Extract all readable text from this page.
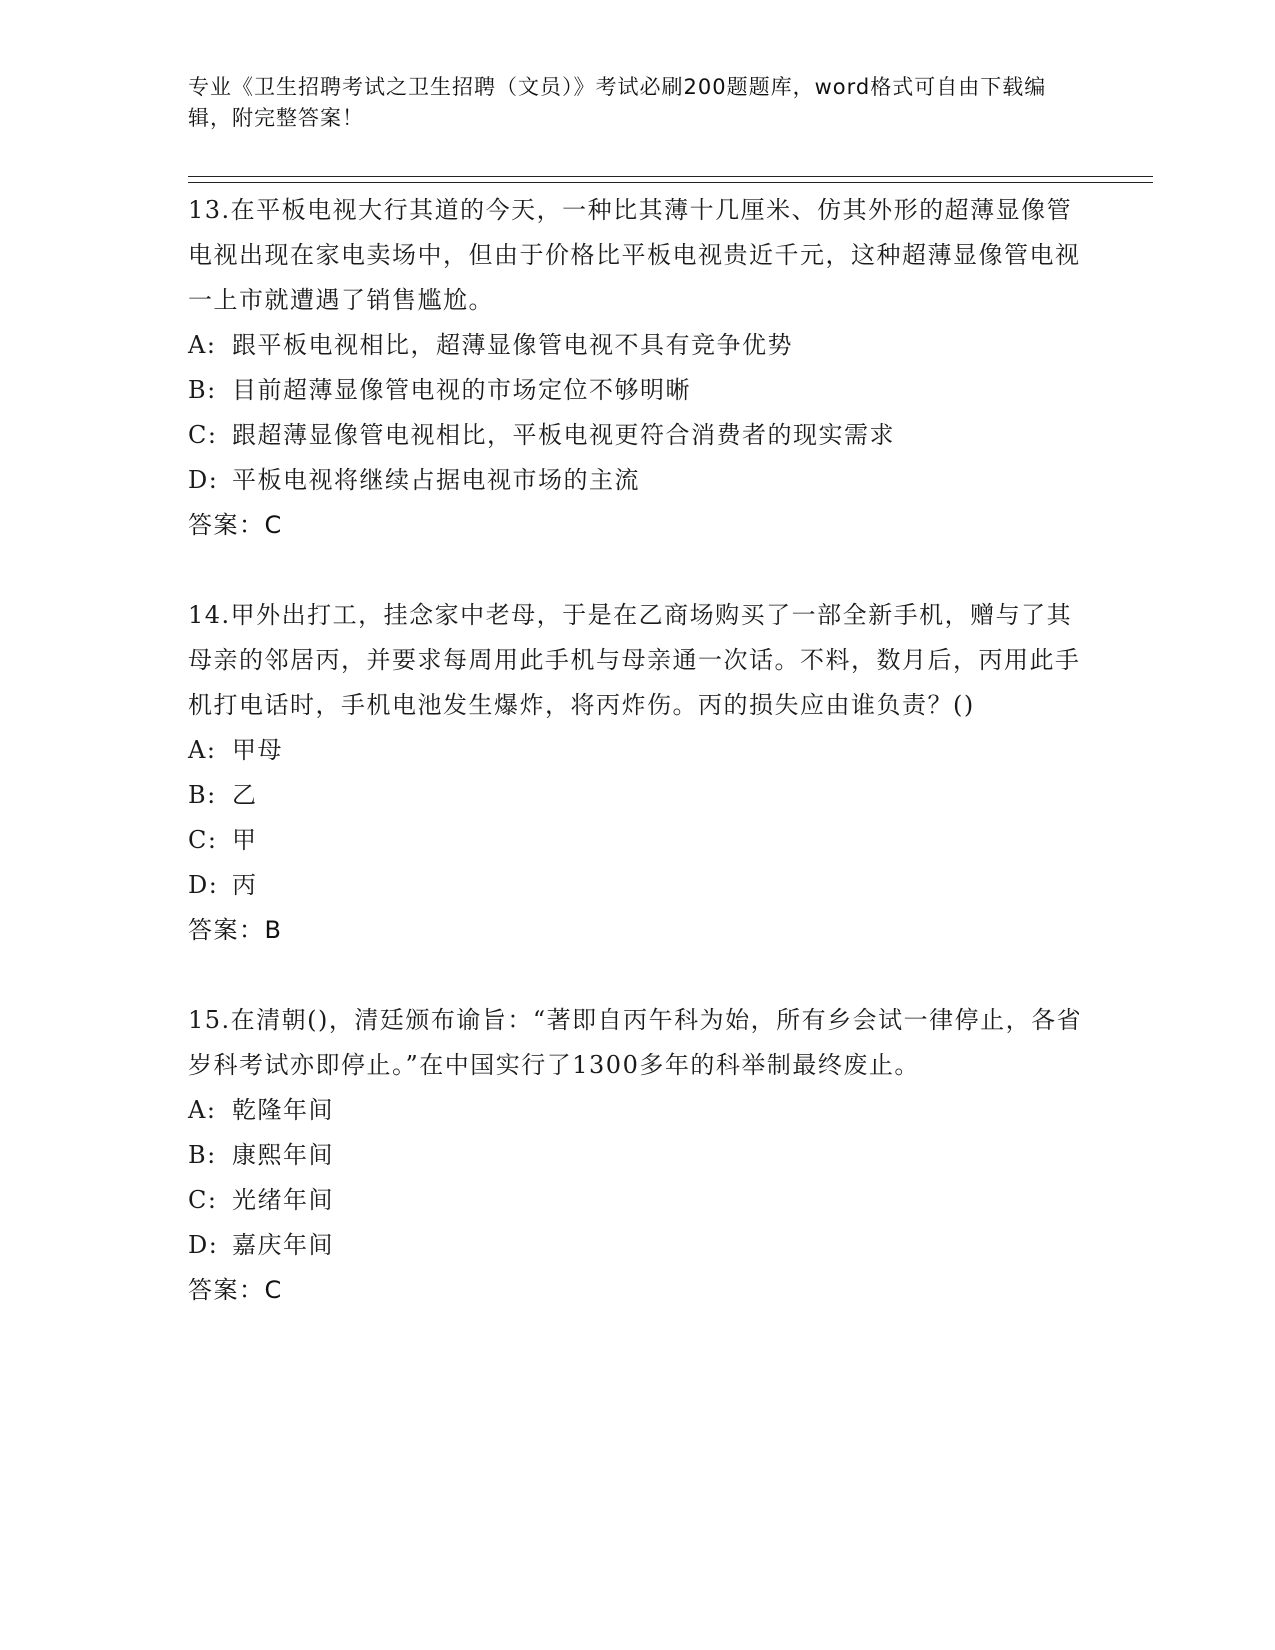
专业《卫生招聘考试之卫生招聘（文员）》考试必刷200题题库，word格式可自由下载编辑，附完整答案！

13.在平板电视大行其道的今天，一种比其薄十几厘米、仿其外形的超薄显像管电视出现在家电卖场中，但由于价格比平板电视贵近千元，这种超薄显像管电视一上市就遭遇了销售尴尬。

A: 跟平板电视相比，超薄显像管电视不具有竞争优势

B: 目前超薄显像管电视的市场定位不够明晰

C: 跟超薄显像管电视相比，平板电视更符合消费者的现实需求

D: 平板电视将继续占据电视市场的主流

答案：C

14.甲外出打工，挂念家中老母，于是在乙商场购买了一部全新手机，赠与了其母亲的邻居丙，并要求每周用此手机与母亲通一次话。不料，数月后，丙用此手机打电话时，手机电池发生爆炸，将丙炸伤。丙的损失应由谁负责？()

A: 甲母

B: 乙

C: 甲

D: 丙

答案：B

15.在清朝()，清廷颁布谕旨：“著即自丙午科为始，所有乡会试一律停止，各省岁科考试亦即停止。”在中国实行了1300多年的科举制最终废止。

A: 乾隆年间

B: 康熙年间

C: 光绪年间

D: 嘉庆年间

答案：C
